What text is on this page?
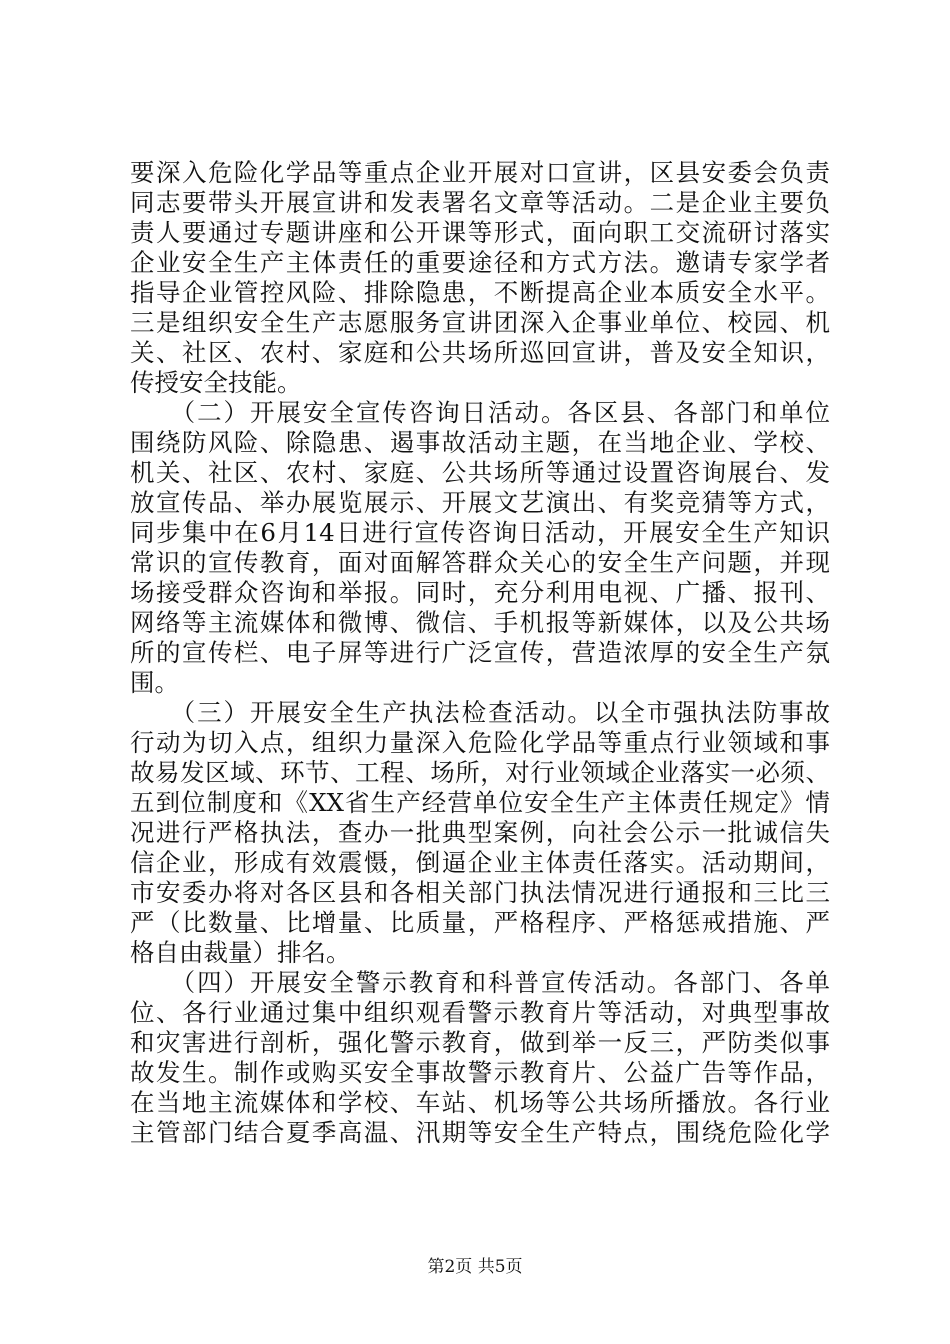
要深入危险化学品等重点企业开展对口宣讲，区县安委会负责
同志要带头开展宣讲和发表署名文章等活动。二是企业主要负
责人要通过专题讲座和公开课等形式，面向职工交流研讨落实
企业安全生产主体责任的重要途径和方式方法。邀请专家学者
指导企业管控风险、排除隐患，不断提高企业本质安全水平。
三是组织安全生产志愿服务宣讲团深入企事业单位、校园、机
关、社区、农村、家庭和公共场所巡回宣讲，普及安全知识，
传授安全技能。
　　（二）开展安全宣传咨询日活动。各区县、各部门和单位
围绕防风险、除隐患、遏事故活动主题，在当地企业、学校、
机关、社区、农村、家庭、公共场所等通过设置咨询展台、发
放宣传品、举办展览展示、开展文艺演出、有奖竞猜等方式，
同步集中在6月14日进行宣传咨询日活动，开展安全生产知识
常识的宣传教育，面对面解答群众关心的安全生产问题，并现
场接受群众咨询和举报。同时，充分利用电视、广播、报刊、
网络等主流媒体和微博、微信、手机报等新媒体，以及公共场
所的宣传栏、电子屏等进行广泛宣传，营造浓厚的安全生产氛
围。
　　（三）开展安全生产执法检查活动。以全市强执法防事故
行动为切入点，组织力量深入危险化学品等重点行业领域和事
故易发区域、环节、工程、场所，对行业领域企业落实一必须、
五到位制度和《XX省生产经营单位安全生产主体责任规定》情
况进行严格执法，查办一批典型案例，向社会公示一批诚信失
信企业，形成有效震慑，倒逼企业主体责任落实。活动期间，
市安委办将对各区县和各相关部门执法情况进行通报和三比三
严（比数量、比增量、比质量，严格程序、严格惩戒措施、严
格自由裁量）排名。
　　（四）开展安全警示教育和科普宣传活动。各部门、各单
位、各行业通过集中组织观看警示教育片等活动，对典型事故
和灾害进行剖析，强化警示教育，做到举一反三，严防类似事
故发生。制作或购买安全事故警示教育片、公益广告等作品，
在当地主流媒体和学校、车站、机场等公共场所播放。各行业
主管部门结合夏季高温、汛期等安全生产特点，围绕危险化学
第2页 共5页
